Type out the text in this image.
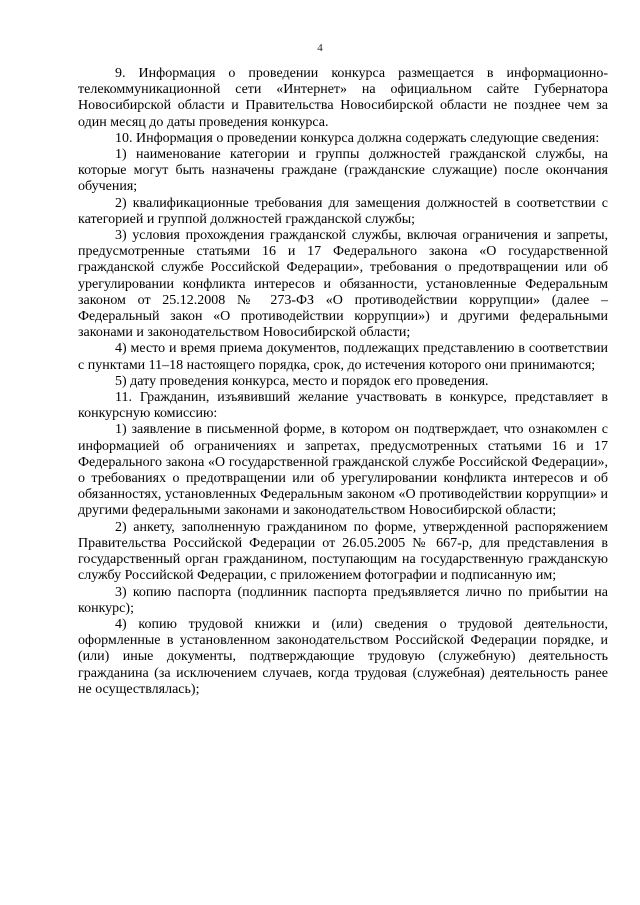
4

9. Информация о проведении конкурса размещается в информационно-телекоммуникационной сети «Интернет» на официальном сайте Губернатора Новосибирской области и Правительства Новосибирской области не позднее чем за один месяц до даты проведения конкурса.

10. Информация о проведении конкурса должна содержать следующие сведения:

1) наименование категории и группы должностей гражданской службы, на которые могут быть назначены граждане (гражданские служащие) после окончания обучения;

2) квалификационные требования для замещения должностей в соответствии с категорией и группой должностей гражданской службы;

3) условия прохождения гражданской службы, включая ограничения и запреты, предусмотренные статьями 16 и 17 Федерального закона «О государственной гражданской службе Российской Федерации», требования о предотвращении или об урегулировании конфликта интересов и обязанности, установленные Федеральным законом от 25.12.2008 № 273-ФЗ «О противодействии коррупции» (далее – Федеральный закон «О противодействии коррупции») и другими федеральными законами и законодательством Новосибирской области;

4) место и время приема документов, подлежащих представлению в соответствии с пунктами 11–18 настоящего порядка, срок, до истечения которого они принимаются;

5) дату проведения конкурса, место и порядок его проведения.

11. Гражданин, изъявивший желание участвовать в конкурсе, представляет в конкурсную комиссию:

1) заявление в письменной форме, в котором он подтверждает, что ознакомлен с информацией об ограничениях и запретах, предусмотренных статьями 16 и 17 Федерального закона «О государственной гражданской службе Российской Федерации», о требованиях о предотвращении или об урегулировании конфликта интересов и об обязанностях, установленных Федеральным законом «О противодействии коррупции» и другими федеральными законами и законодательством Новосибирской области;

2) анкету, заполненную гражданином по форме, утвержденной распоряжением Правительства Российской Федерации от 26.05.2005 № 667-р, для представления в государственный орган гражданином, поступающим на государственную гражданскую службу Российской Федерации, с приложением фотографии и подписанную им;

3) копию паспорта (подлинник паспорта предъявляется лично по прибытии на конкурс);

4) копию трудовой книжки и (или) сведения о трудовой деятельности, оформленные в установленном законодательством Российской Федерации порядке, и (или) иные документы, подтверждающие трудовую (служебную) деятельность гражданина (за исключением случаев, когда трудовая (служебная) деятельность ранее не осуществлялась);
